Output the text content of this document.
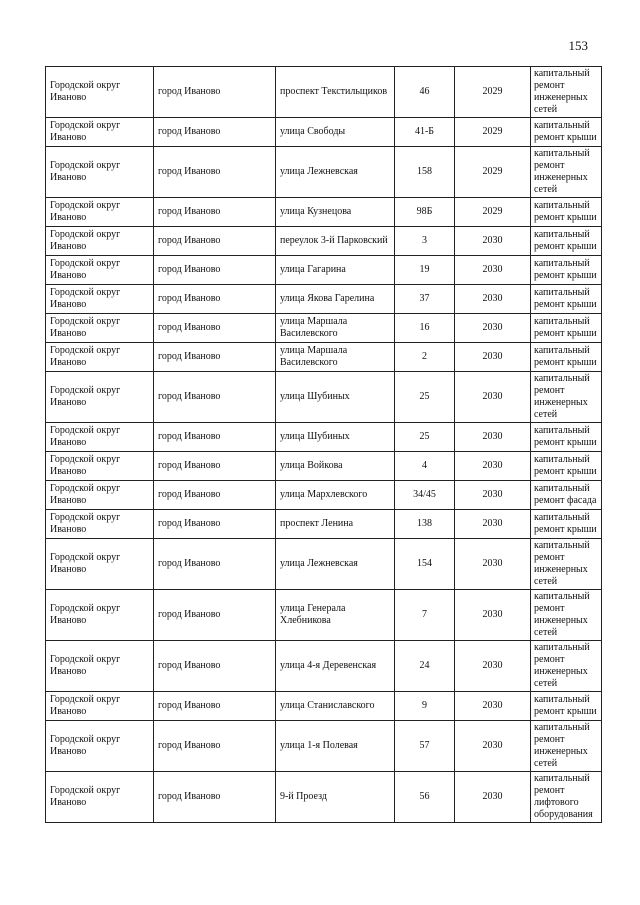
153
Городской округ Иваново	город Иваново	проспект Текстильщиков	46	2029	капитальный ремонт инженерных сетей
Городской округ Иваново	город Иваново	улица Свободы	41-Б	2029	капитальный ремонт крыши
Городской округ Иваново	город Иваново	улица Лежневская	158	2029	капитальный ремонт инженерных сетей
Городской округ Иваново	город Иваново	улица Кузнецова	98Б	2029	капитальный ремонт крыши
Городской округ Иваново	город Иваново	переулок 3-й Парковский	3	2030	капитальный ремонт крыши
Городской округ Иваново	город Иваново	улица Гагарина	19	2030	капитальный ремонт крыши
Городской округ Иваново	город Иваново	улица Якова Гарелина	37	2030	капитальный ремонт крыши
Городской округ Иваново	город Иваново	улица Маршала Василевского	16	2030	капитальный ремонт крыши
Городской округ Иваново	город Иваново	улица Маршала Василевского	2	2030	капитальный ремонт крыши
Городской округ Иваново	город Иваново	улица Шубиных	25	2030	капитальный ремонт инженерных сетей
Городской округ Иваново	город Иваново	улица Шубиных	25	2030	капитальный ремонт крыши
Городской округ Иваново	город Иваново	улица Войкова	4	2030	капитальный ремонт крыши
Городской округ Иваново	город Иваново	улица Мархлевского	34/45	2030	капитальный ремонт фасада
Городской округ Иваново	город Иваново	проспект Ленина	138	2030	капитальный ремонт крыши
Городской округ Иваново	город Иваново	улица Лежневская	154	2030	капитальный ремонт инженерных сетей
Городской округ Иваново	город Иваново	улица Генерала Хлебникова	7	2030	капитальный ремонт инженерных сетей
Городской округ Иваново	город Иваново	улица 4-я Деревенская	24	2030	капитальный ремонт инженерных сетей
Городской округ Иваново	город Иваново	улица Станиславского	9	2030	капитальный ремонт крыши
Городской округ Иваново	город Иваново	улица 1-я Полевая	57	2030	капитальный ремонт инженерных сетей
Городской округ Иваново	город Иваново	9-й Проезд	56	2030	капитальный ремонт лифтового оборудования
